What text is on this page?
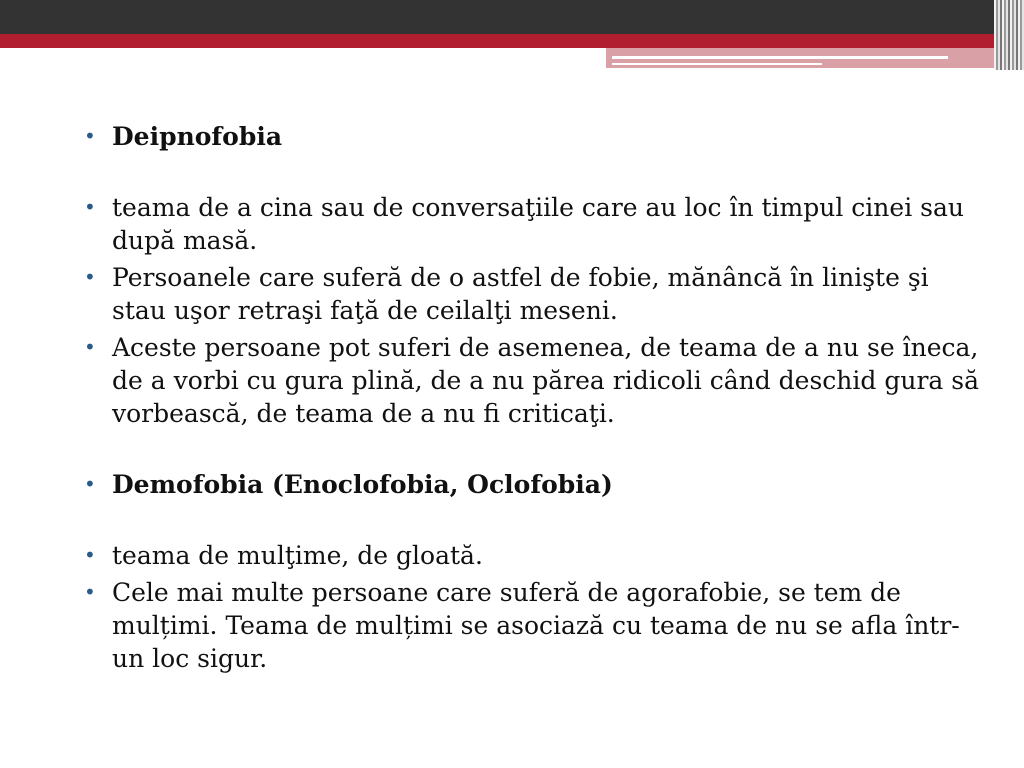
• Deipnofobia
• teama de a cina sau de conversaţiile care au loc în timpul cinei sau după masă.
• Persoanele care suferă de o astfel de fobie, mănâncă în linişte şi stau uşor retraşi faţă de ceilalţi meseni.
• Aceste persoane pot suferi de asemenea, de teama de a nu se îneca, de a vorbi cu gura plină, de a nu părea ridicoli când deschid gura să vorbească, de teama de a nu fi criticaţi.
• Demofobia (Enoclofobia, Oclofobia)
• teama de mulţime, de gloată.
• Cele mai multe persoane care suferă de agorafobie, se tem de mulțimi. Teama de mulțimi se asociază cu teama de nu se afla într-un loc sigur.
